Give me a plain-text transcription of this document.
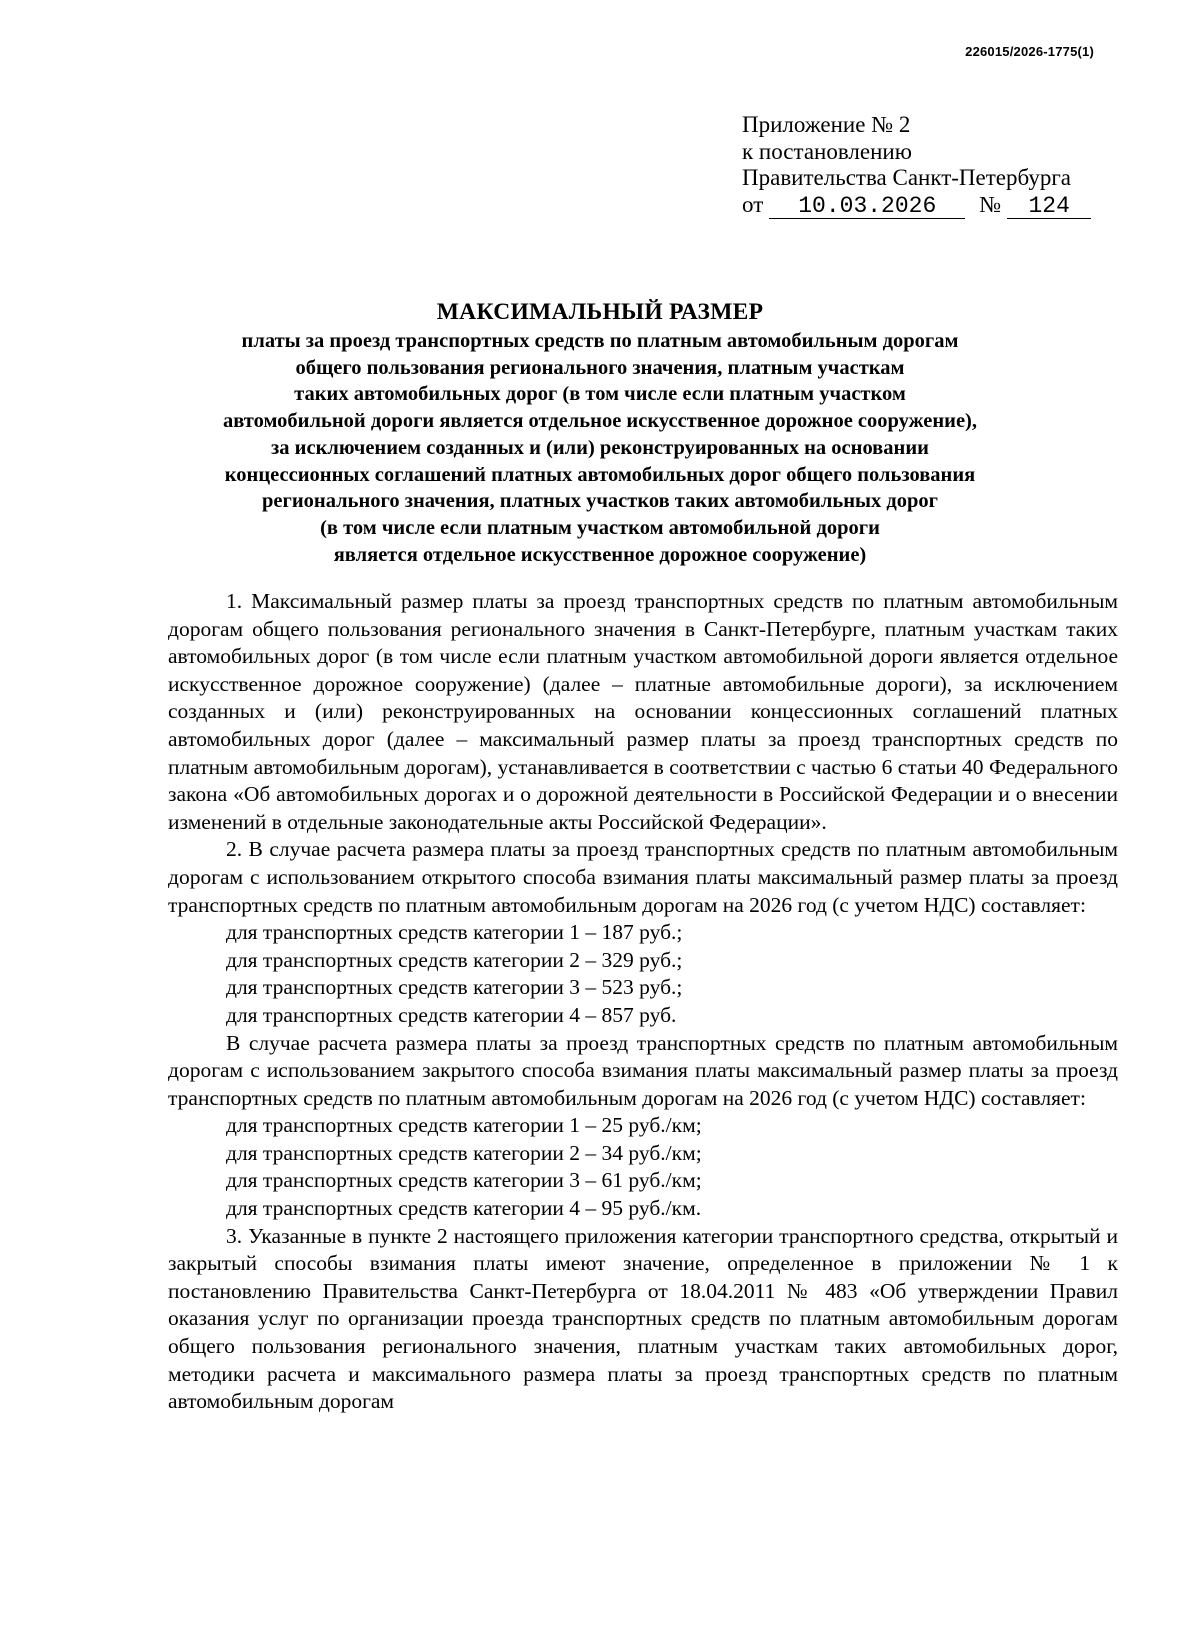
226015/2026-1775(1)
Приложение № 2
к постановлению
Правительства Санкт-Петербурга
от 10.03.2026 № 124
МАКСИМАЛЬНЫЙ РАЗМЕР
платы за проезд транспортных средств по платным автомобильным дорогам
общего пользования регионального значения, платным участкам
таких автомобильных дорог (в том числе если платным участком
автомобильной дороги является отдельное искусственное дорожное сооружение),
за исключением созданных и (или) реконструированных на основании
концессионных соглашений платных автомобильных дорог общего пользования
регионального значения, платных участков таких автомобильных дорог
(в том числе если платным участком автомобильной дороги
является отдельное искусственное дорожное сооружение)

1. Максимальный размер платы за проезд транспортных средств по платным автомобильным дорогам общего пользования регионального значения в Санкт-Петербурге, платным участкам таких автомобильных дорог (в том числе если платным участком автомобильной дороги является отдельное искусственное дорожное сооружение) (далее – платные автомобильные дороги), за исключением созданных и (или) реконструированных на основании концессионных соглашений платных автомобильных дорог (далее – максимальный размер платы за проезд транспортных средств по платным автомобильным дорогам), устанавливается в соответствии с частью 6 статьи 40 Федерального закона «Об автомобильных дорогах и о дорожной деятельности в Российской Федерации и о внесении изменений в отдельные законодательные акты Российской Федерации».

2. В случае расчета размера платы за проезд транспортных средств по платным автомобильным дорогам с использованием открытого способа взимания платы максимальный размер платы за проезд транспортных средств по платным автомобильным дорогам на 2026 год (с учетом НДС) составляет:

для транспортных средств категории 1 – 187 руб.;

для транспортных средств категории 2 – 329 руб.;

для транспортных средств категории 3 – 523 руб.;

для транспортных средств категории 4 – 857 руб.

В случае расчета размера платы за проезд транспортных средств по платным автомобильным дорогам с использованием закрытого способа взимания платы максимальный размер платы за проезд транспортных средств по платным автомобильным дорогам на 2026 год (с учетом НДС) составляет:

для транспортных средств категории 1 – 25 руб./км;

для транспортных средств категории 2 – 34 руб./км;

для транспортных средств категории 3 – 61 руб./км;

для транспортных средств категории 4 – 95 руб./км.

3. Указанные в пункте 2 настоящего приложения категории транспортного средства, открытый и закрытый способы взимания платы имеют значение, определенное в приложении № 1 к постановлению Правительства Санкт-Петербурга от 18.04.2011 № 483 «Об утверждении Правил оказания услуг по организации проезда транспортных средств по платным автомобильным дорогам общего пользования регионального значения, платным участкам таких автомобильных дорог, методики расчета и максимального размера платы за проезд транспортных средств по платным автомобильным дорогам
